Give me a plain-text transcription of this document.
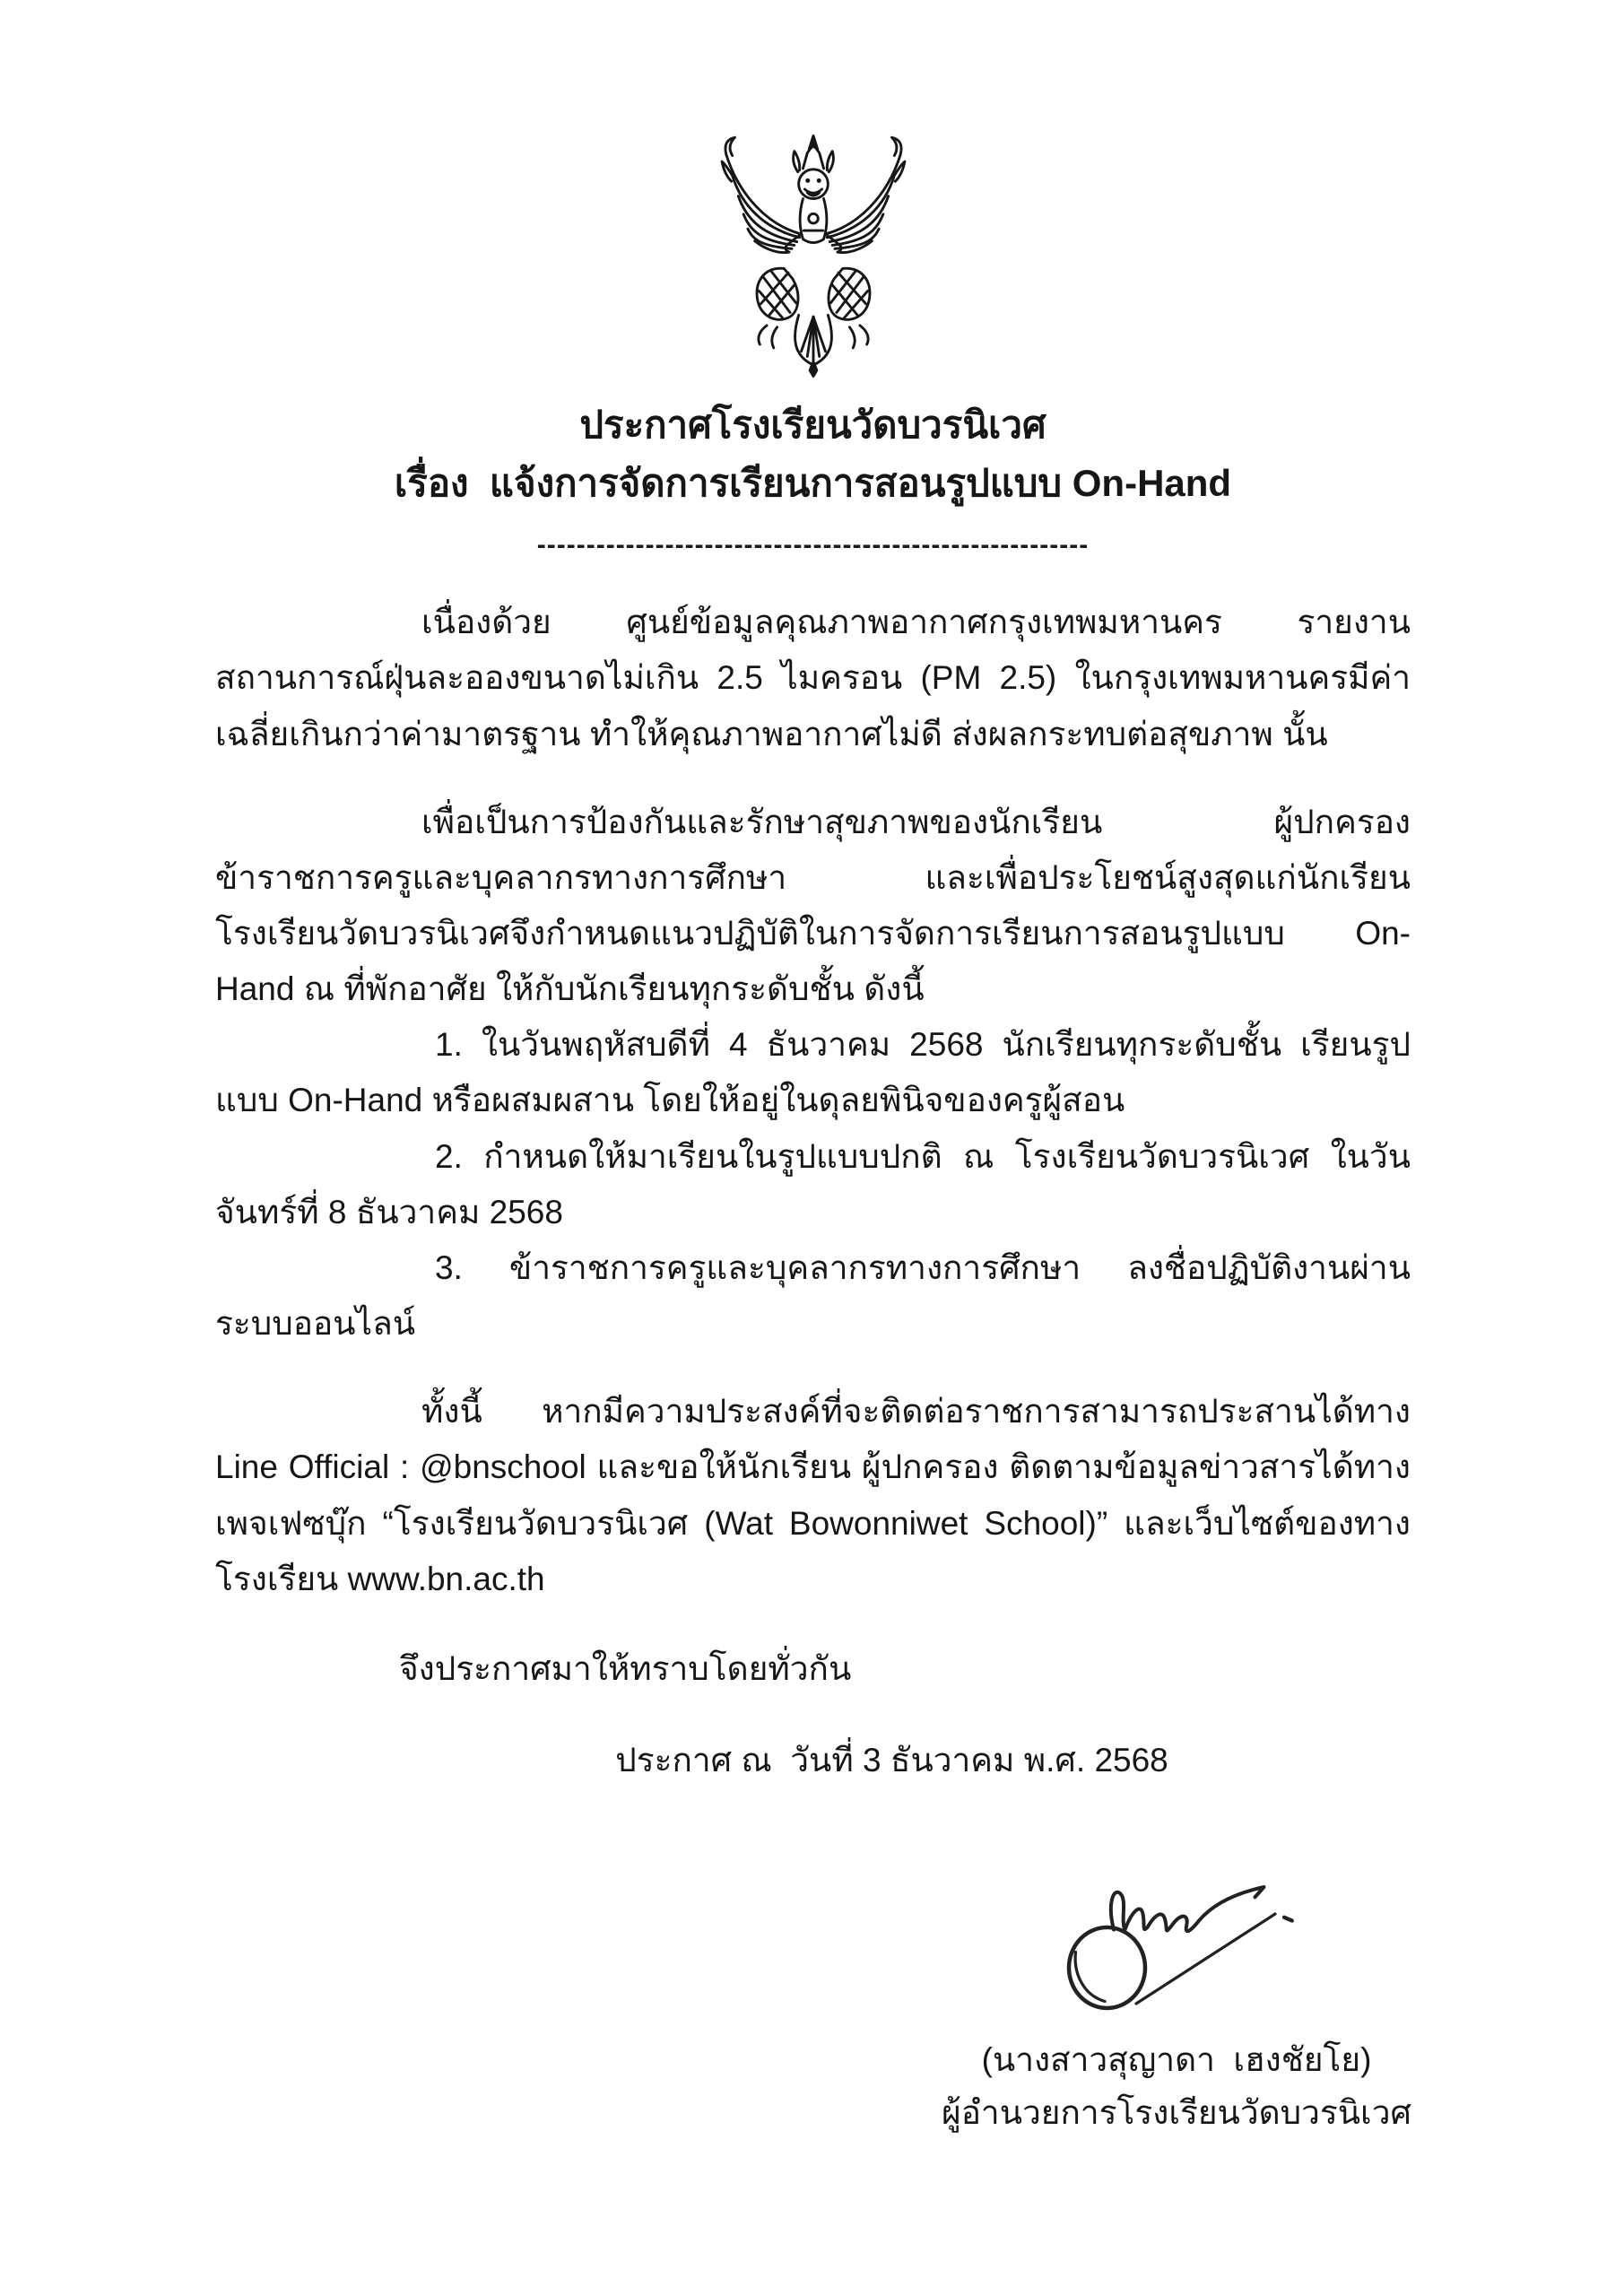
ประกาศโรงเรียนวัดบวรนิเวศ
เรื่อง  แจ้งการจัดการเรียนการสอนรูปแบบ On-Hand
--------------------------------------------------------

เนื่องด้วย ศูนย์ข้อมูลคุณภาพอากาศกรุงเทพมหานคร รายงานสถานการณ์ฝุ่นละอองขนาดไม่เกิน 2.5 ไมครอน (PM 2.5) ในกรุงเทพมหานครมีค่าเฉลี่ยเกินกว่าค่ามาตรฐาน ทำให้คุณภาพอากาศไม่ดี ส่งผลกระทบต่อสุขภาพ นั้น

เพื่อเป็นการป้องกันและรักษาสุขภาพของนักเรียน ผู้ปกครอง ข้าราชการครูและบุคลากรทางการศึกษา และเพื่อประโยชน์สูงสุดแก่นักเรียน โรงเรียนวัดบวรนิเวศจึงกำหนดแนวปฏิบัติในการจัดการเรียนการสอนรูปแบบ On-Hand ณ ที่พักอาศัย ให้กับนักเรียนทุกระดับชั้น ดังนี้

1. ในวันพฤหัสบดีที่ 4 ธันวาคม 2568 นักเรียนทุกระดับชั้น เรียนรูปแบบ On-Hand หรือผสมผสาน โดยให้อยู่ในดุลยพินิจของครูผู้สอน

2. กำหนดให้มาเรียนในรูปแบบปกติ ณ โรงเรียนวัดบวรนิเวศ ในวันจันทร์ที่ 8 ธันวาคม 2568

3. ข้าราชการครูและบุคลากรทางการศึกษา ลงชื่อปฏิบัติงานผ่านระบบออนไลน์

ทั้งนี้ หากมีความประสงค์ที่จะติดต่อราชการสามารถประสานได้ทาง Line Official : @bnschool และขอให้นักเรียน ผู้ปกครอง ติดตามข้อมูลข่าวสารได้ทางเพจเฟซบุ๊ก “โรงเรียนวัดบวรนิเวศ (Wat Bowonniwet School)” และเว็บไซต์ของทางโรงเรียน www.bn.ac.th

จึงประกาศมาให้ทราบโดยทั่วกัน

ประกาศ ณ  วันที่ 3 ธันวาคม พ.ศ. 2568
(นางสาวสุญาดา  เฮงชัยโย)
ผู้อำนวยการโรงเรียนวัดบวรนิเวศ
